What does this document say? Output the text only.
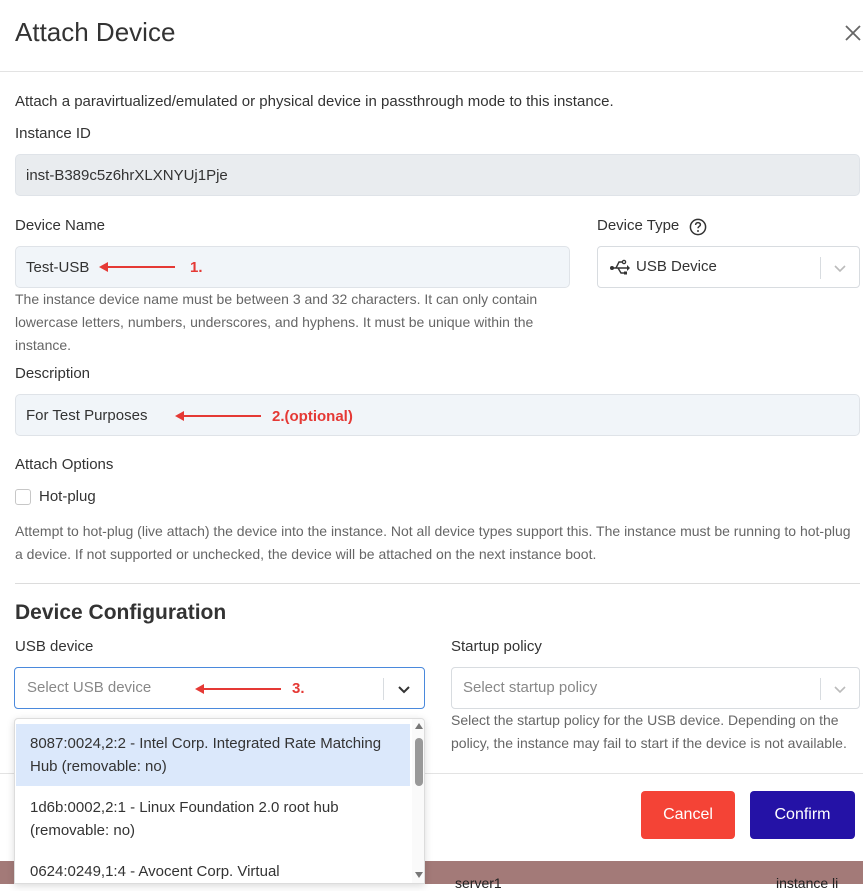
Attach Device
Attach a paravirtualized/emulated or physical device in passthrough mode to this instance.
Instance ID
inst-B389c5z6hrXLXNYUj1Pje
Device Name
Test-USB	1.
The instance device name must be between 3 and 32 characters. It can only contain lowercase letters, numbers, underscores, and hyphens. It must be unique within the instance.
Device Type
USB Device
Description
For Test Purposes	2.(optional)
Attach Options
Hot-plug
Attempt to hot-plug (live attach) the device into the instance. Not all device types support this. The instance must be running to hot-plug a device. If not supported or unchecked, the device will be attached on the next instance boot.
Device Configuration
USB device
Select USB device	3.
Startup policy
Select startup policy
Select the startup policy for the USB device. Depending on the policy, the instance may fail to start if the device is not available.
Cancel	Confirm
server1	instance li
8087:0024,2:2 - Intel Corp. Integrated Rate Matching Hub (removable: no)
1d6b:0002,2:1 - Linux Foundation 2.0 root hub (removable: no)
0624:0249,1:4 - Avocent Corp. Virtual
